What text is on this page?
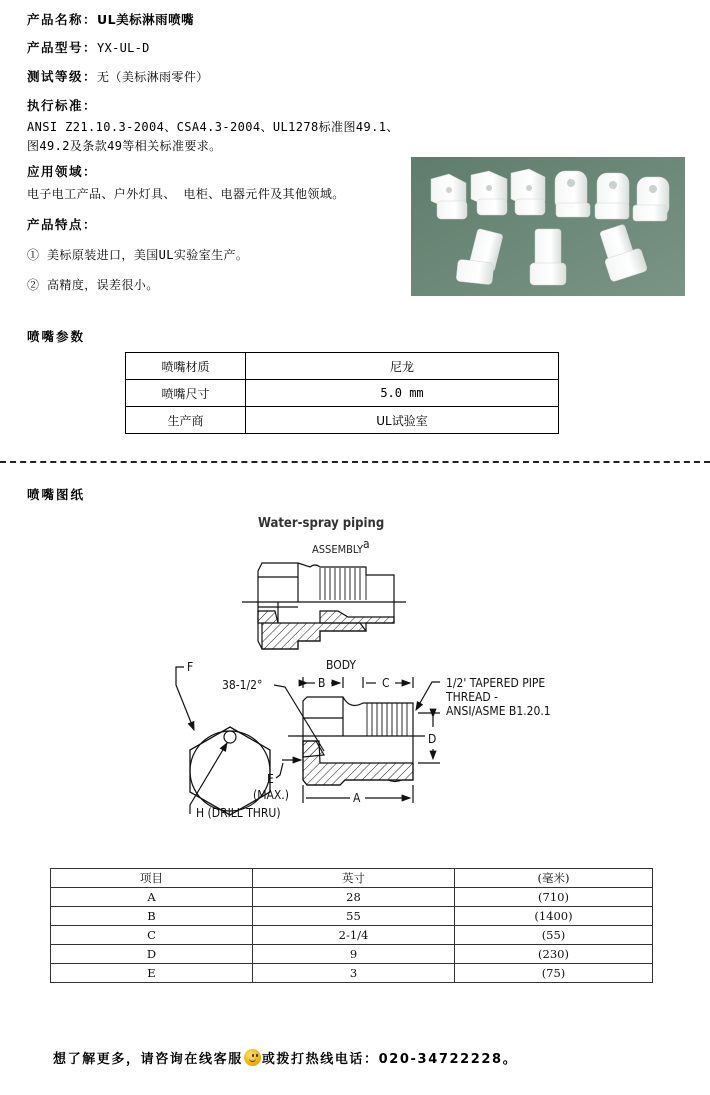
产品名称：UL美标淋雨喷嘴
产品型号：YX-UL-D
测试等级：无（美标淋雨零件）
执行标准：
ANSI Z21.10.3-2004、CSA4.3-2004、UL1278标准图49.1、
图49.2及条款49等相关标准要求。
应用领域：
电子电工产品、户外灯具、 电柜、电器元件及其他领域。
产品特点：
① 美标原装进口，美国UL实验室生产。
② 高精度，误差很小。
喷嘴参数
喷嘴材质	尼龙
喷嘴尺寸	5.0 mm
生产商	UL试验室
喷嘴图纸
Water-spray piping
ASSEMBLYa
F
H (DRILL THRU)
38-1/2°
BODY
B	C
D
A
E
(MAX.)
1/2' TAPERED PIPE
THREAD -
ANSI/ASME B1.20.1
项目	英寸	(毫米)
A	28	(710)
B	55	(1400)
C	2-1/4	(55)
D	9	(230)
E	3	(75)
想了解更多，请咨询在线客服 或拨打热线电话：020-34722228。
